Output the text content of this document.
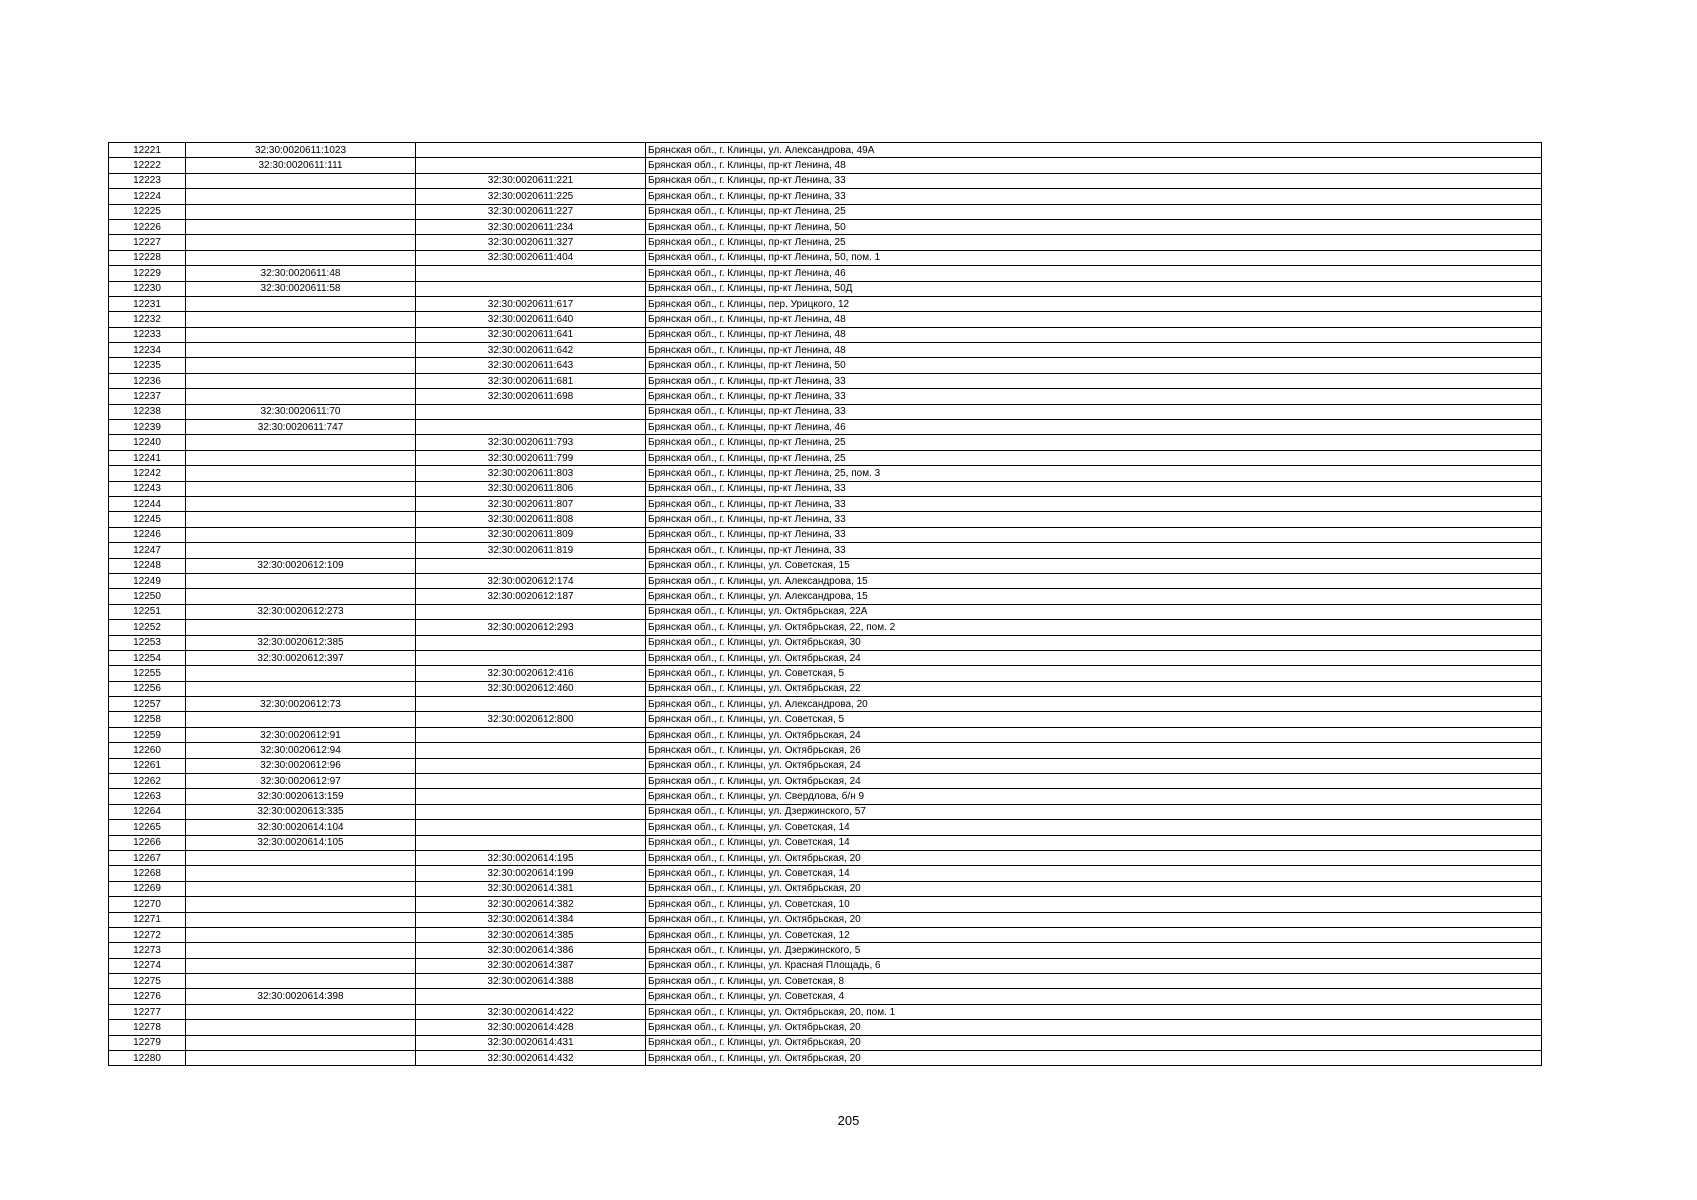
12221	32:30:0020611:1023		Брянская обл., г. Клинцы, ул. Александрова, 49А
12222	32:30:0020611:111		Брянская обл., г. Клинцы, пр-кт Ленина, 48
12223		32:30:0020611:221	Брянская обл., г. Клинцы, пр-кт Ленина, 33
12224		32:30:0020611:225	Брянская обл., г. Клинцы, пр-кт Ленина, 33
12225		32:30:0020611:227	Брянская обл., г. Клинцы, пр-кт Ленина, 25
12226		32:30:0020611:234	Брянская обл., г. Клинцы, пр-кт Ленина, 50
12227		32:30:0020611:327	Брянская обл., г. Клинцы, пр-кт Ленина, 25
12228		32:30:0020611:404	Брянская обл., г. Клинцы, пр-кт Ленина, 50, пом. 1
12229	32:30:0020611:48		Брянская обл., г. Клинцы, пр-кт Ленина, 46
12230	32:30:0020611:58		Брянская обл., г. Клинцы, пр-кт Ленина, 50Д
12231		32:30:0020611:617	Брянская обл., г. Клинцы, пер. Урицкого, 12
12232		32:30:0020611:640	Брянская обл., г. Клинцы, пр-кт Ленина, 48
12233		32:30:0020611:641	Брянская обл., г. Клинцы, пр-кт Ленина, 48
12234		32:30:0020611:642	Брянская обл., г. Клинцы, пр-кт Ленина, 48
12235		32:30:0020611:643	Брянская обл., г. Клинцы, пр-кт Ленина, 50
12236		32:30:0020611:681	Брянская обл., г. Клинцы, пр-кт Ленина, 33
12237		32:30:0020611:698	Брянская обл., г. Клинцы, пр-кт Ленина, 33
12238	32:30:0020611:70		Брянская обл., г. Клинцы, пр-кт Ленина, 33
12239	32:30:0020611:747		Брянская обл., г. Клинцы, пр-кт Ленина, 46
12240		32:30:0020611:793	Брянская обл., г. Клинцы, пр-кт Ленина, 25
12241		32:30:0020611:799	Брянская обл., г. Клинцы, пр-кт Ленина, 25
12242		32:30:0020611:803	Брянская обл., г. Клинцы, пр-кт Ленина, 25, пом. 3
12243		32:30:0020611:806	Брянская обл., г. Клинцы, пр-кт Ленина, 33
12244		32:30:0020611:807	Брянская обл., г. Клинцы, пр-кт Ленина, 33
12245		32:30:0020611:808	Брянская обл., г. Клинцы, пр-кт Ленина, 33
12246		32:30:0020611:809	Брянская обл., г. Клинцы, пр-кт Ленина, 33
12247		32:30:0020611:819	Брянская обл., г. Клинцы, пр-кт Ленина, 33
12248	32:30:0020612:109		Брянская обл., г. Клинцы, ул. Советская, 15
12249		32:30:0020612:174	Брянская обл., г. Клинцы, ул. Александрова, 15
12250		32:30:0020612:187	Брянская обл., г. Клинцы, ул. Александрова, 15
12251	32:30:0020612:273		Брянская обл., г. Клинцы, ул. Октябрьская, 22А
12252		32:30:0020612:293	Брянская обл., г. Клинцы, ул. Октябрьская, 22, пом. 2
12253	32:30:0020612:385		Брянская обл., г. Клинцы, ул. Октябрьская, 30
12254	32:30:0020612:397		Брянская обл., г. Клинцы, ул. Октябрьская, 24
12255		32:30:0020612:416	Брянская обл., г. Клинцы, ул. Советская, 5
12256		32:30:0020612:460	Брянская обл., г. Клинцы, ул. Октябрьская, 22
12257	32:30:0020612:73		Брянская обл., г. Клинцы, ул. Александрова, 20
12258		32:30:0020612:800	Брянская обл., г. Клинцы, ул. Советская, 5
12259	32:30:0020612:91		Брянская обл., г. Клинцы, ул. Октябрьская, 24
12260	32:30:0020612:94		Брянская обл., г. Клинцы, ул. Октябрьская, 26
12261	32:30:0020612:96		Брянская обл., г. Клинцы, ул. Октябрьская, 24
12262	32:30:0020612:97		Брянская обл., г. Клинцы, ул. Октябрьская, 24
12263	32:30:0020613:159		Брянская обл., г. Клинцы, ул. Свердлова, б/н 9
12264	32:30:0020613:335		Брянская обл., г. Клинцы, ул. Дзержинского, 57
12265	32:30:0020614:104		Брянская обл., г. Клинцы, ул. Советская, 14
12266	32:30:0020614:105		Брянская обл., г. Клинцы, ул. Советская, 14
12267		32:30:0020614:195	Брянская обл., г. Клинцы, ул. Октябрьская, 20
12268		32:30:0020614:199	Брянская обл., г. Клинцы, ул. Советская, 14
12269		32:30:0020614:381	Брянская обл., г. Клинцы, ул. Октябрьская, 20
12270		32:30:0020614:382	Брянская обл., г. Клинцы, ул. Советская, 10
12271		32:30:0020614:384	Брянская обл., г. Клинцы, ул. Октябрьская, 20
12272		32:30:0020614:385	Брянская обл., г. Клинцы, ул. Советская, 12
12273		32:30:0020614:386	Брянская обл., г. Клинцы, ул. Дзержинского, 5
12274		32:30:0020614:387	Брянская обл., г. Клинцы, ул. Красная Площадь, 6
12275		32:30:0020614:388	Брянская обл., г. Клинцы, ул. Советская, 8
12276	32:30:0020614:398		Брянская обл., г. Клинцы, ул. Советская, 4
12277		32:30:0020614:422	Брянская обл., г. Клинцы, ул. Октябрьская, 20, пом. 1
12278		32:30:0020614:428	Брянская обл., г. Клинцы, ул. Октябрьская, 20
12279		32:30:0020614:431	Брянская обл., г. Клинцы, ул. Октябрьская, 20
12280		32:30:0020614:432	Брянская обл., г. Клинцы, ул. Октябрьская, 20
205
